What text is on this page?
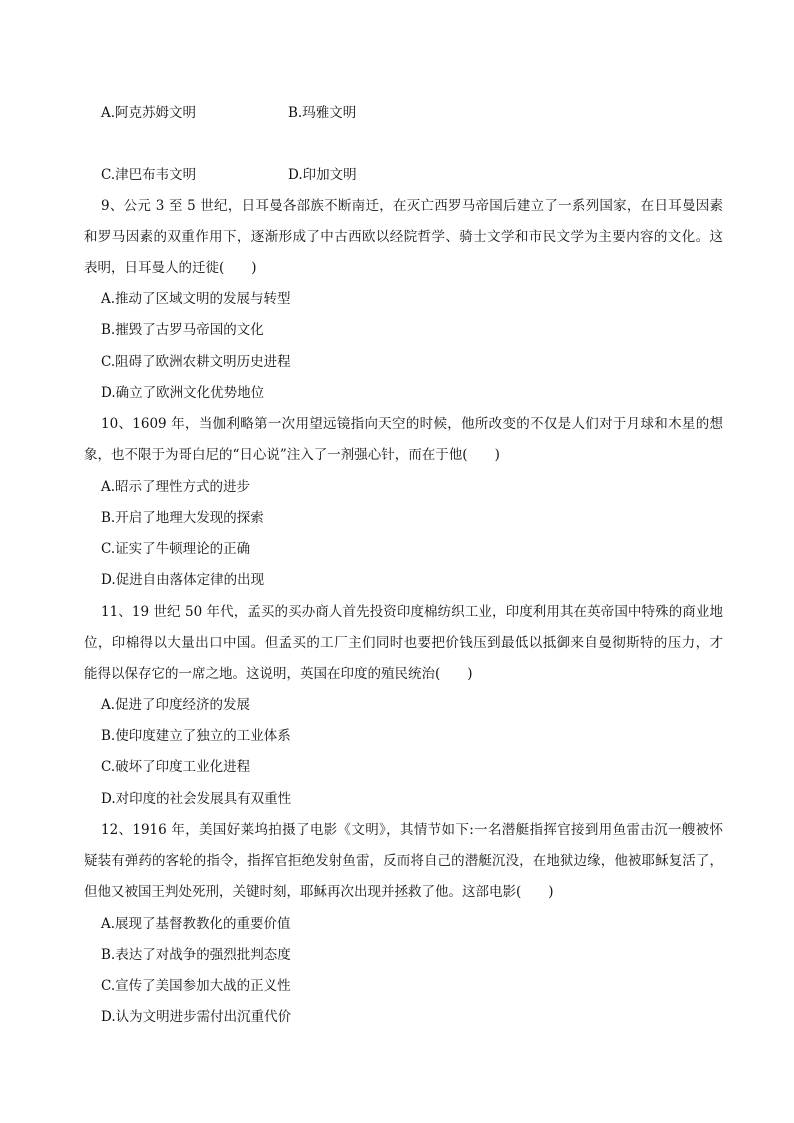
A.阿克苏姆文明	B.玛雅文明
C.津巴布韦文明	D.印加文明
9、公元 3 至 5 世纪，日耳曼各部族不断南迁，在灭亡西罗马帝国后建立了一系列国家，在日耳曼因素
和罗马因素的双重作用下，逐渐形成了中古西欧以经院哲学、骑士文学和市民文学为主要内容的文化。这
表明，日耳曼人的迁徙(　　)
A.推动了区域文明的发展与转型
B.摧毁了古罗马帝国的文化
C.阻碍了欧洲农耕文明历史进程
D.确立了欧洲文化优势地位
10、1609 年，当伽利略第一次用望远镜指向天空的时候，他所改变的不仅是人们对于月球和木星的想
象，也不限于为哥白尼的“日心说”注入了一剂强心针，而在于他(　　)
A.昭示了理性方式的进步
B.开启了地理大发现的探索
C.证实了牛顿理论的正确
D.促进自由落体定律的出现
11、19 世纪 50 年代，孟买的买办商人首先投资印度棉纺织工业，印度利用其在英帝国中特殊的商业地
位，印棉得以大量出口中国。但孟买的工厂主们同时也要把价钱压到最低以抵御来自曼彻斯特的压力，才
能得以保存它的一席之地。这说明，英国在印度的殖民统治(　　)
A.促进了印度经济的发展
B.使印度建立了独立的工业体系
C.破坏了印度工业化进程
D.对印度的社会发展具有双重性
12、1916 年，美国好莱坞拍摄了电影《文明》，其情节如下:一名潜艇指挥官接到用鱼雷击沉一艘被怀
疑装有弹药的客轮的指令，指挥官拒绝发射鱼雷，反而将自己的潜艇沉没，在地狱边缘，他被耶稣复活了，
但他又被国王判处死刑，关键时刻，耶稣再次出现并拯救了他。这部电影(　　)
A.展现了基督教教化的重要价值
B.表达了对战争的强烈批判态度
C.宣传了美国参加大战的正义性
D.认为文明进步需付出沉重代价
